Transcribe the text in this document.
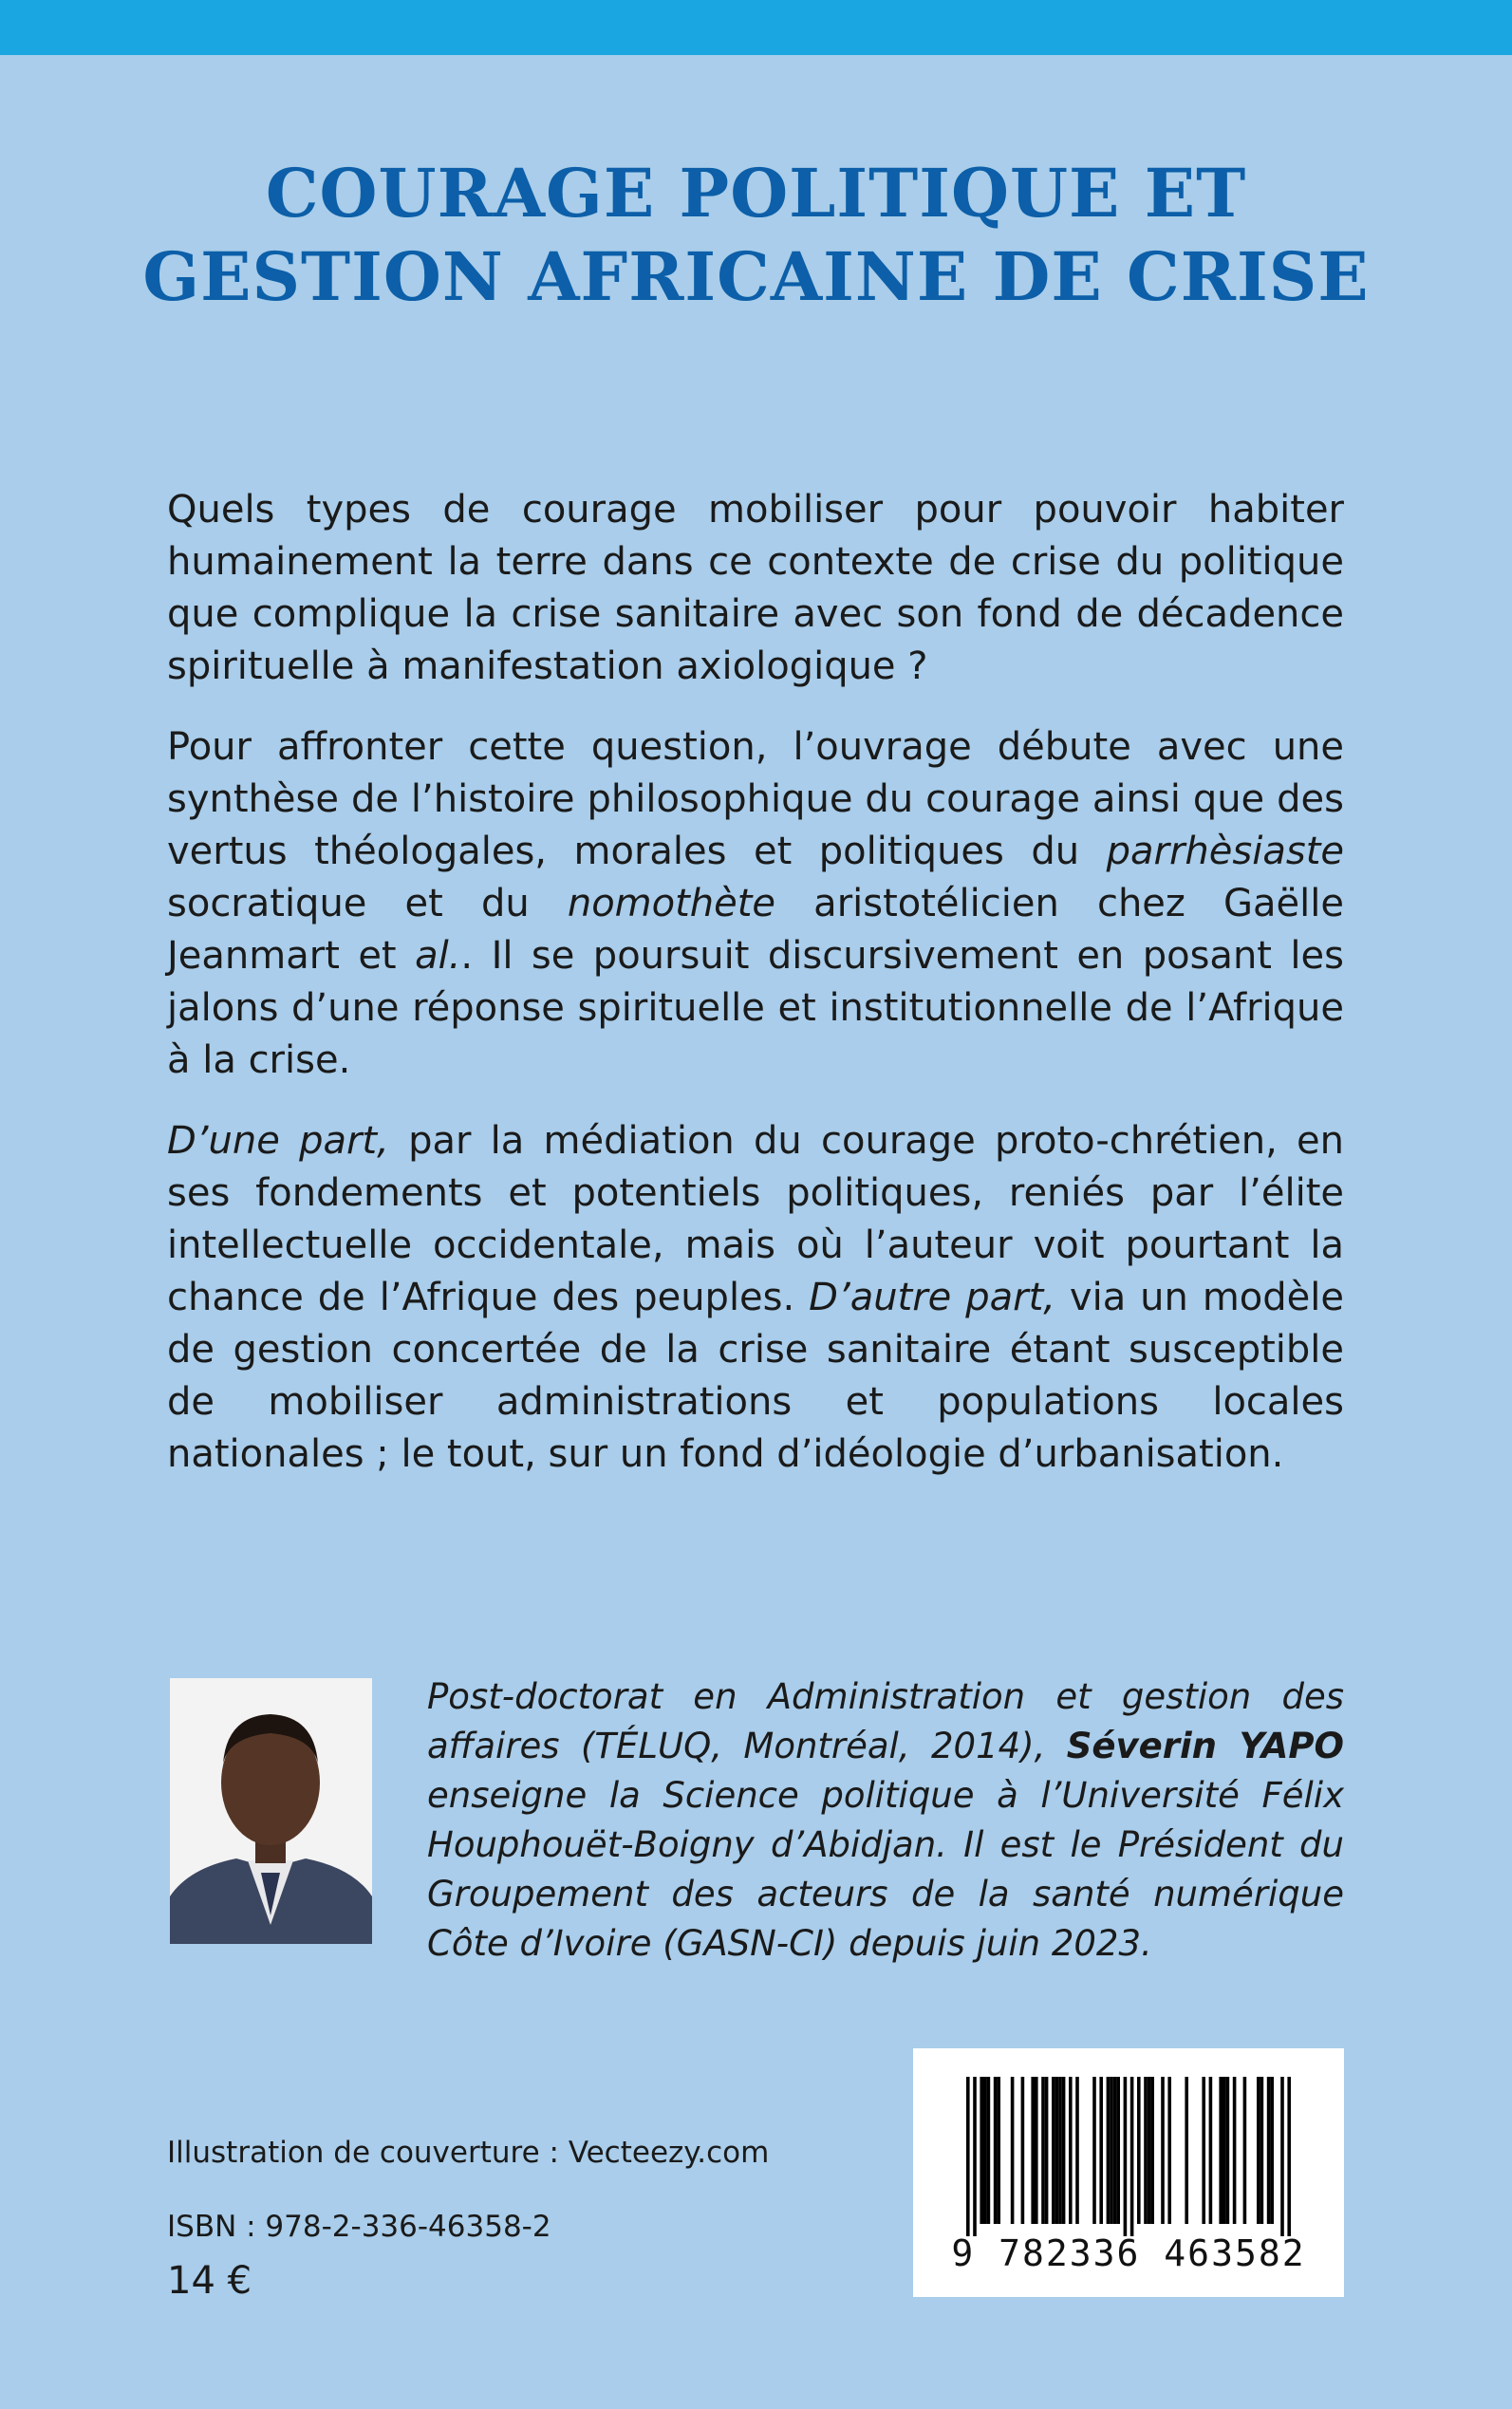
COURAGE POLITIQUE ET
GESTION AFRICAINE DE CRISE

Quels types de courage mobiliser pour pouvoir habiter humainement la terre dans ce contexte de crise du politique que complique la crise sanitaire avec son fond de décadence spirituelle à manifestation axiologique ?

Pour affronter cette question, l’ouvrage débute avec une synthèse de l’histoire philosophique du courage ainsi que des vertus théologales, morales et politiques du parrhèsiaste socratique et du nomothète aristotélicien chez Gaëlle Jeanmart et al.. Il se poursuit discursivement en posant les jalons d’une réponse spirituelle et institutionnelle de l’Afrique à la crise.

D’une part, par la médiation du courage proto-chrétien, en ses fondements et potentiels politiques, reniés par l’élite intellectuelle occidentale, mais où l’auteur voit pourtant la chance de l’Afrique des peuples. D’autre part, via un modèle de gestion concertée de la crise sanitaire étant susceptible de mobiliser administrations et populations locales nationales ; le tout, sur un fond d’idéologie d’urbanisation.

Post-doctorat en Administration et gestion des affaires (TÉLUQ, Montréal, 2014), Séverin YAPO enseigne la Science politique à l’Université Félix Houphouët-Boigny d’Abidjan. Il est le Président du Groupement des acteurs de la santé numérique Côte d’Ivoire (GASN-CI) depuis juin 2023.
9 782336 463582
Illustration de couverture : Vecteezy.com
ISBN : 978-2-336-46358-2
14 €
